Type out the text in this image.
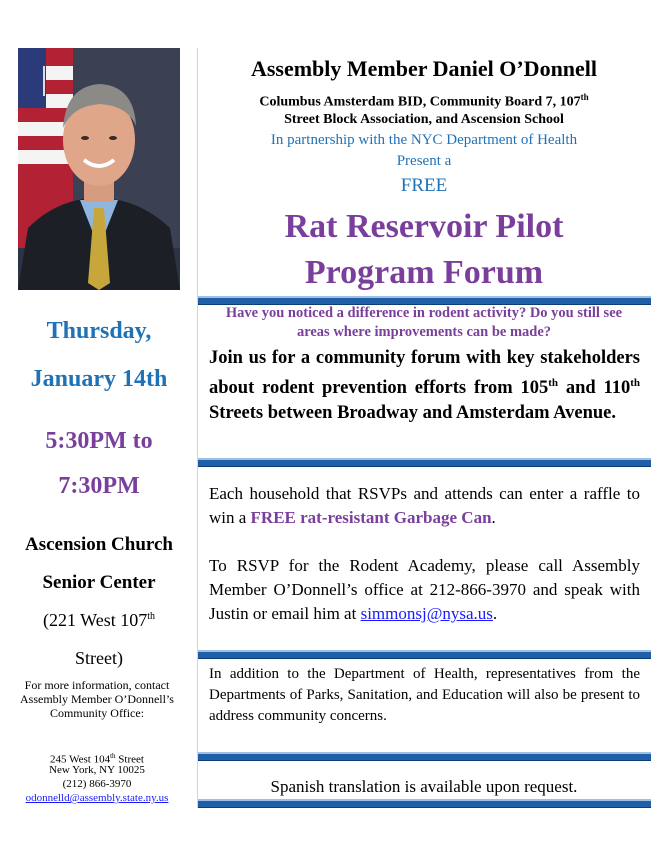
Assembly Member Daniel O’Donnell
Columbus Amsterdam BID, Community Board 7, 107th
Street Block Association, and Ascension School
In partnership with the NYC Department of Health
Present a
FREE
Rat Reservoir Pilot
Program Forum
Have you noticed a difference in rodent activity? Do you still see areas where improvements can be made?
Join us for a community forum with key stakeholders about rodent prevention efforts from 105th and 110th Streets between Broadway and Amsterdam Avenue.
Each household that RSVPs and attends can enter a raffle to win a FREE rat-resistant Garbage Can.
To RSVP for the Rodent Academy, please call Assembly Member O’Donnell’s office at 212-866-3970 and speak with Justin or email him at simmonsj@nysa.us.
In addition to the Department of Health, representatives from the Departments of Parks, Sanitation, and Education will also be present to address community concerns.
Spanish translation is available upon request.
Thursday,
January 14th
5:30PM to
7:30PM
Ascension Church
Senior Center
(221 West 107th
Street)
For more information, contact Assembly Member O’Donnell’s Community Office:
245 West 104th Street
New York, NY 10025
(212) 866-3970
odonnelld@assembly.state.ny.us
